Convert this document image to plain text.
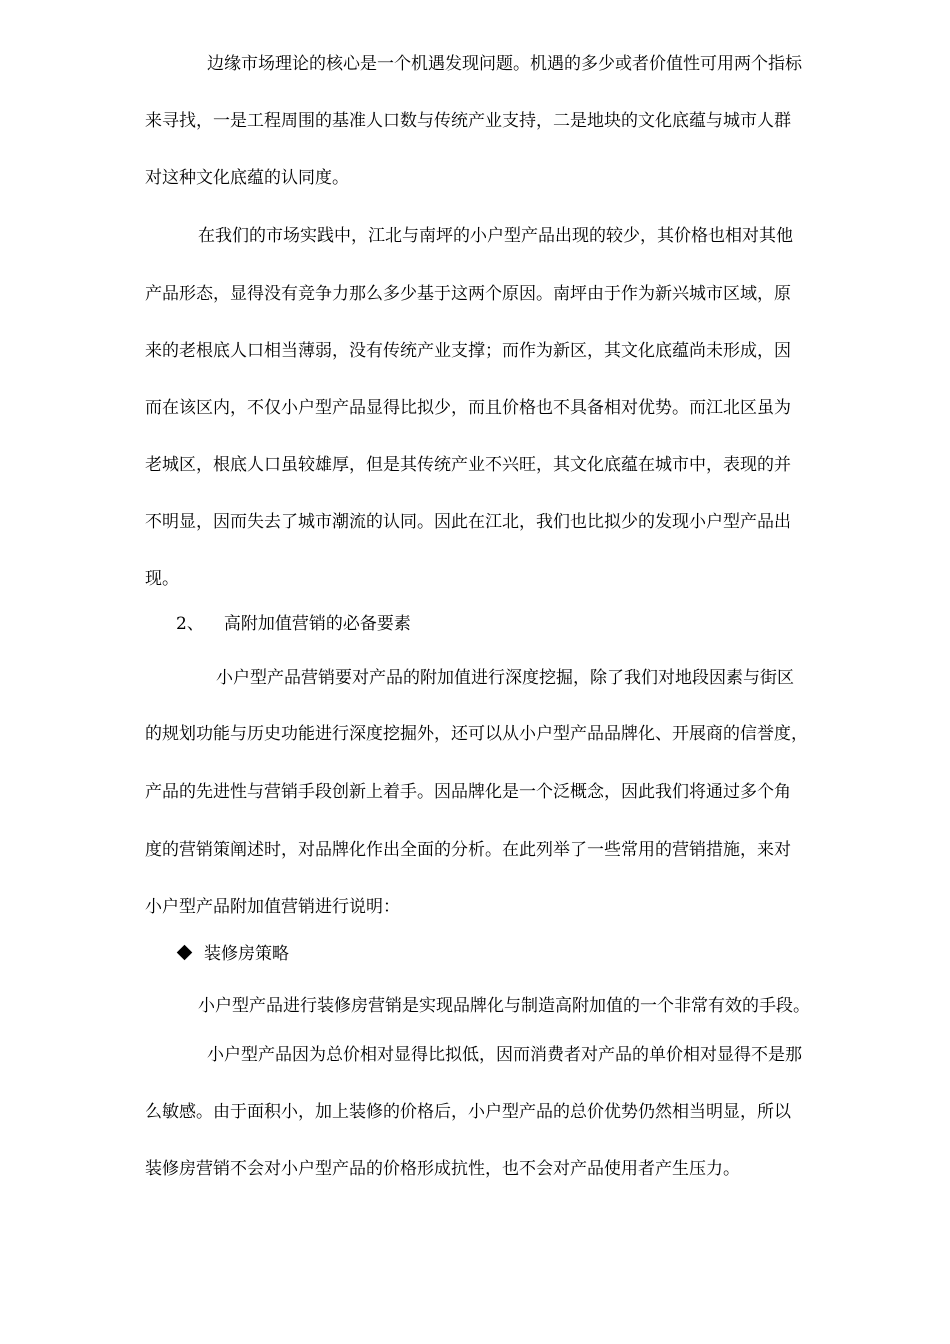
边缘市场理论的核心是一个机遇发现问题。机遇的多少或者价值性可用两个指标
来寻找，一是工程周围的基准人口数与传统产业支持，二是地块的文化底蕴与城市人群
对这种文化底蕴的认同度。
在我们的市场实践中，江北与南坪的小户型产品出现的较少，其价格也相对其他
产品形态，显得没有竞争力那么多少基于这两个原因。南坪由于作为新兴城市区域，原
来的老根底人口相当薄弱，没有传统产业支撑；而作为新区，其文化底蕴尚未形成，因
而在该区内，不仅小户型产品显得比拟少，而且价格也不具备相对优势。而江北区虽为
老城区，根底人口虽较雄厚，但是其传统产业不兴旺，其文化底蕴在城市中，表现的并
不明显，因而失去了城市潮流的认同。因此在江北，我们也比拟少的发现小户型产品出
现。
2、 高附加值营销的必备要素
小户型产品营销要对产品的附加值进行深度挖掘，除了我们对地段因素与街区
的规划功能与历史功能进行深度挖掘外，还可以从小户型产品品牌化、开展商的信誉度，
产品的先进性与营销手段创新上着手。因品牌化是一个泛概念，因此我们将通过多个角
度的营销策阐述时，对品牌化作出全面的分析。在此列举了一些常用的营销措施，来对
小户型产品附加值营销进行说明：
装修房策略
小户型产品进行装修房营销是实现品牌化与制造高附加值的一个非常有效的手段。
小户型产品因为总价相对显得比拟低，因而消费者对产品的单价相对显得不是那
么敏感。由于面积小，加上装修的价格后，小户型产品的总价优势仍然相当明显，所以
装修房营销不会对小户型产品的价格形成抗性，也不会对产品使用者产生压力。
